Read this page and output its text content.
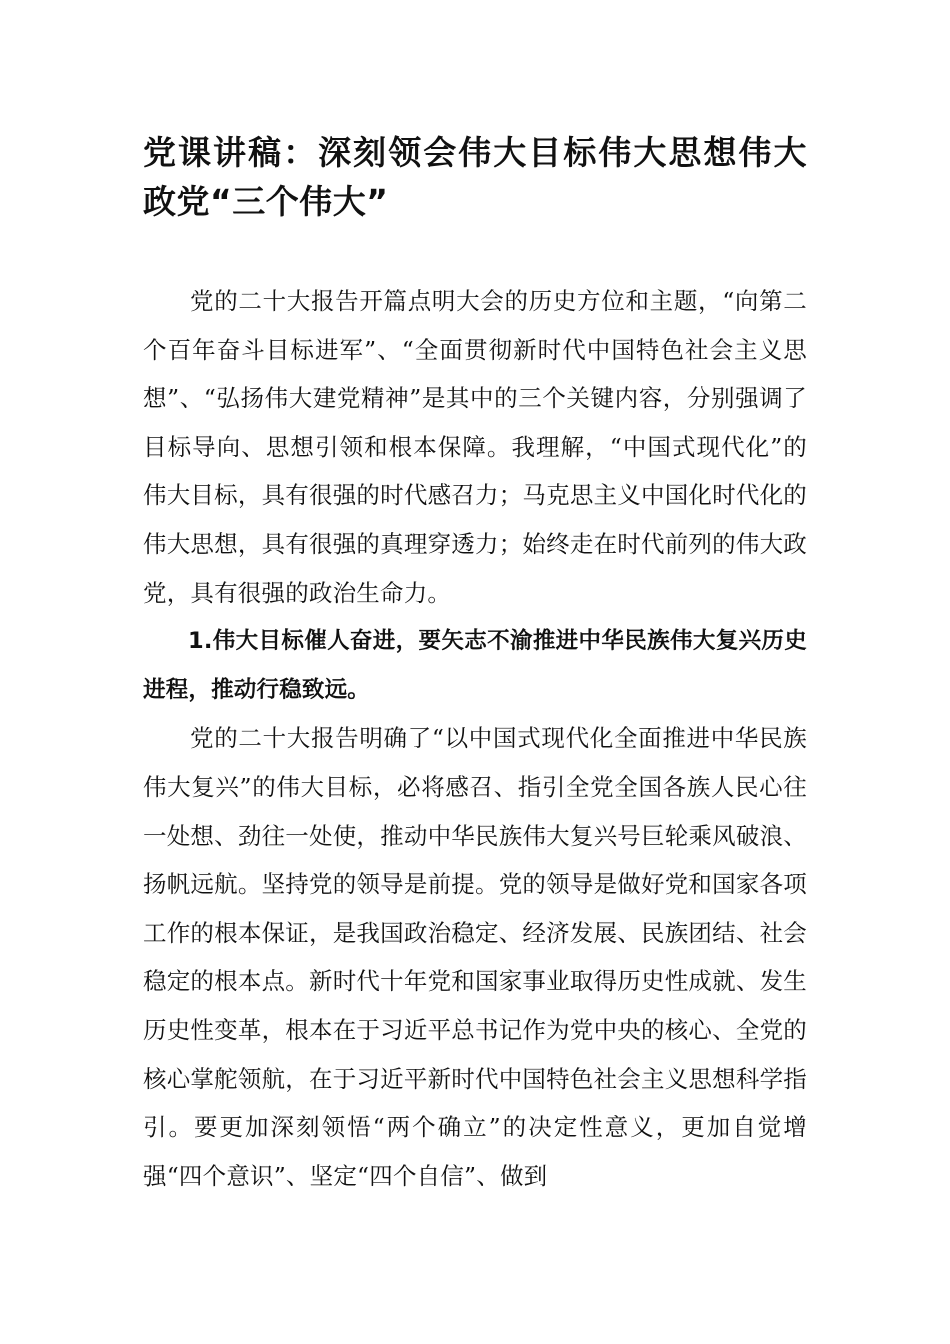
党课讲稿：深刻领会伟大目标伟大思想伟大政党“三个伟大”

党的二十大报告开篇点明大会的历史方位和主题，“向第二个百年奋斗目标进军”、“全面贯彻新时代中国特色社会主义思想”、“弘扬伟大建党精神”是其中的三个关键内容，分别强调了目标导向、思想引领和根本保障。我理解，“中国式现代化”的伟大目标，具有很强的时代感召力；马克思主义中国化时代化的伟大思想，具有很强的真理穿透力；始终走在时代前列的伟大政党，具有很强的政治生命力。

1.伟大目标催人奋进，要矢志不渝推进中华民族伟大复兴历史进程，推动行稳致远。

党的二十大报告明确了“以中国式现代化全面推进中华民族伟大复兴”的伟大目标，必将感召、指引全党全国各族人民心往一处想、劲往一处使，推动中华民族伟大复兴号巨轮乘风破浪、扬帆远航。坚持党的领导是前提。党的领导是做好党和国家各项工作的根本保证，是我国政治稳定、经济发展、民族团结、社会稳定的根本点。新时代十年党和国家事业取得历史性成就、发生历史性变革，根本在于习近平总书记作为党中央的核心、全党的核心掌舵领航，在于习近平新时代中国特色社会主义思想科学指引。要更加深刻领悟“两个确立”的决定性意义，更加自觉增强“四个意识”、坚定“四个自信”、做到
